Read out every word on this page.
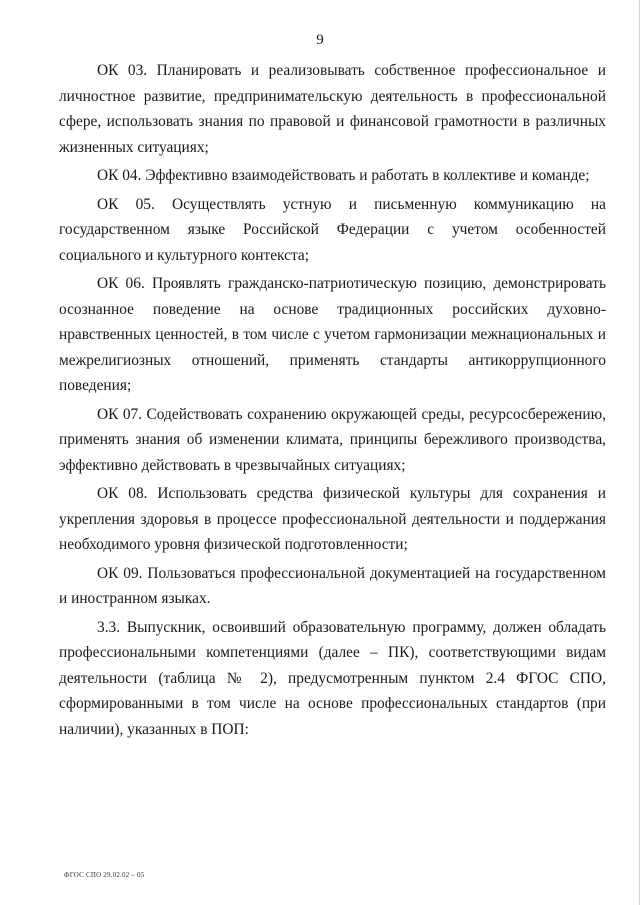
9

ОК 03. Планировать и реализовывать собственное профессиональное и личностное развитие, предпринимательскую деятельность в профессиональной сфере, использовать знания по правовой и финансовой грамотности в различных жизненных ситуациях;

ОК 04. Эффективно взаимодействовать и работать в коллективе и команде;

ОК 05. Осуществлять устную и письменную коммуникацию на государственном языке Российской Федерации с учетом особенностей социального и культурного контекста;

ОК 06. Проявлять гражданско-патриотическую позицию, демонстрировать осознанное поведение на основе традиционных российских духовно-нравственных ценностей, в том числе с учетом гармонизации межнациональных и межрелигиозных отношений, применять стандарты антикоррупционного поведения;

ОК 07. Содействовать сохранению окружающей среды, ресурсосбережению, применять знания об изменении климата, принципы бережливого производства, эффективно действовать в чрезвычайных ситуациях;

ОК 08. Использовать средства физической культуры для сохранения и укрепления здоровья в процессе профессиональной деятельности и поддержания необходимого уровня физической подготовленности;

ОК 09. Пользоваться профессиональной документацией на государственном и иностранном языках.

3.3. Выпускник, освоивший образовательную программу, должен обладать профессиональными компетенциями (далее – ПК), соответствующими видам деятельности (таблица № 2), предусмотренным пунктом 2.4 ФГОС СПО, сформированными в том числе на основе профессиональных стандартов (при наличии), указанных в ПОП:

ФГОС СПО 29.02.02 – 05
